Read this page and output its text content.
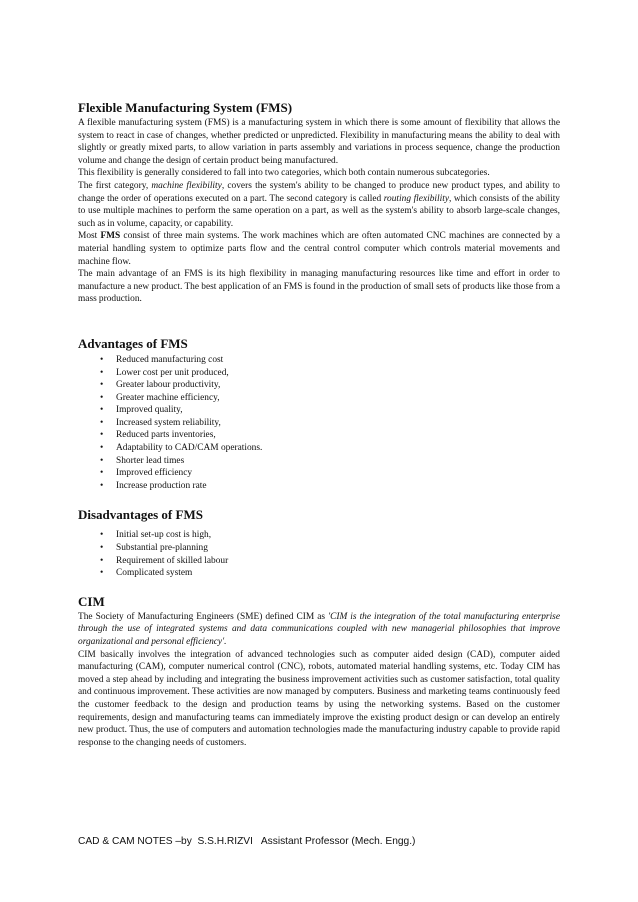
Flexible Manufacturing System (FMS)

A flexible manufacturing system (FMS) is a manufacturing system in which there is some amount of flexibility that allows the system to react in case of changes, whether predicted or unpredicted. Flexibility in manufacturing means the ability to deal with slightly or greatly mixed parts, to allow variation in parts assembly and variations in process sequence, change the production volume and change the design of certain product being manufactured.

This flexibility is generally considered to fall into two categories, which both contain numerous subcategories.

The first category, machine flexibility, covers the system's ability to be changed to produce new product types, and ability to change the order of operations executed on a part. The second category is called routing flexibility, which consists of the ability to use multiple machines to perform the same operation on a part, as well as the system's ability to absorb large-scale changes, such as in volume, capacity, or capability.

Most FMS consist of three main systems. The work machines which are often automated CNC machines are connected by a material handling system to optimize parts flow and the central control computer which controls material movements and machine flow.

The main advantage of an FMS is its high flexibility in managing manufacturing resources like time and effort in order to manufacture a new product. The best application of an FMS is found in the production of small sets of products like those from a mass production.

Advantages of FMS
• Reduced manufacturing cost
• Lower cost per unit produced,
• Greater labour productivity,
• Greater machine efficiency,
• Improved quality,
• Increased system reliability,
• Reduced parts inventories,
• Adaptability to CAD/CAM operations.
• Shorter lead times
• Improved efficiency
• Increase production rate
Disadvantages of FMS
• Initial set-up cost is high,
• Substantial pre-planning
• Requirement of skilled labour
• Complicated system
CIM

The Society of Manufacturing Engineers (SME) defined CIM as 'CIM is the integration of the total manufacturing enterprise through the use of integrated systems and data communications coupled with new managerial philosophies that improve organizational and personal efficiency'.

CIM basically involves the integration of advanced technologies such as computer aided design (CAD), computer aided manufacturing (CAM), computer numerical control (CNC), robots, automated material handling systems, etc. Today CIM has moved a step ahead by including and integrating the business improvement activities such as customer satisfaction, total quality and continuous improvement. These activities are now managed by computers. Business and marketing teams continuously feed the customer feedback to the design and production teams by using the networking systems. Based on the customer requirements, design and manufacturing teams can immediately improve the existing product design or can develop an entirely new product. Thus, the use of computers and automation technologies made the manufacturing industry capable to provide rapid response to the changing needs of customers.

CAD & CAM NOTES –by  S.S.H.RIZVI   Assistant Professor (Mech. Engg.)
